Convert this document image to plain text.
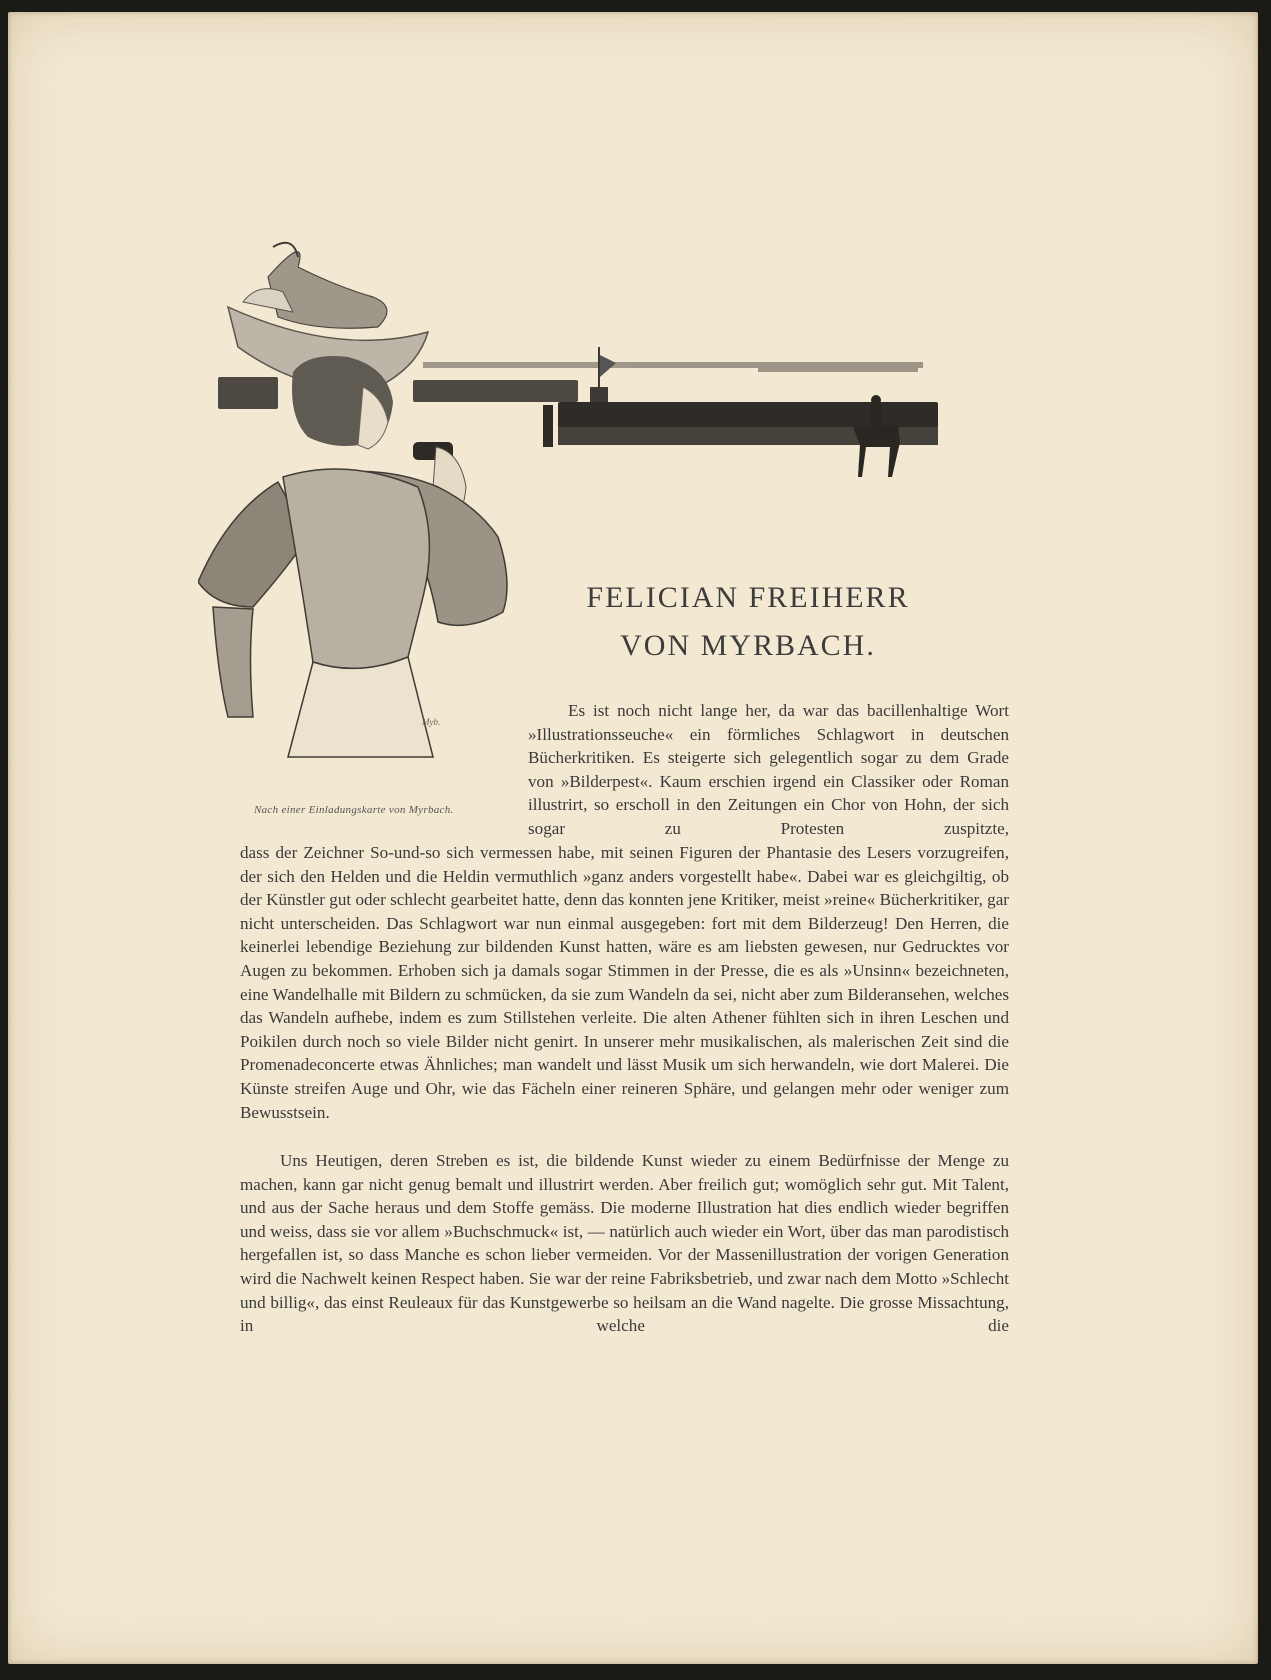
Myb.
Nach einer Einladungskarte von Myrbach.
FELICIAN FREIHERR
VON MYRBACH.

Es ist noch nicht lange her, da war das bacillenhaltige Wort »Illustrationsseuche« ein förmliches Schlagwort in deutschen Bücherkritiken. Es steigerte sich gelegentlich sogar zu dem Grade von »Bilderpest«. Kaum erschien irgend ein Classiker oder Roman illustrirt, so erscholl in den Zeitungen ein Chor von Hohn, der sich sogar zu Protesten zuspitzte,

dass der Zeichner So-und-so sich vermessen habe, mit seinen Figuren der Phantasie des Lesers vorzugreifen, der sich den Helden und die Heldin vermuthlich »ganz anders vorgestellt habe«. Dabei war es gleichgiltig, ob der Künstler gut oder schlecht gearbeitet hatte, denn das konnten jene Kritiker, meist »reine« Bücherkritiker, gar nicht unterscheiden. Das Schlagwort war nun einmal ausgegeben: fort mit dem Bilderzeug! Den Herren, die keinerlei lebendige Beziehung zur bildenden Kunst hatten, wäre es am liebsten gewesen, nur Gedrucktes vor Augen zu bekommen. Erhoben sich ja damals sogar Stimmen in der Presse, die es als »Unsinn« bezeichneten, eine Wandelhalle mit Bildern zu schmücken, da sie zum Wandeln da sei, nicht aber zum Bilderansehen, welches das Wandeln aufhebe, indem es zum Stillstehen verleite. Die alten Athener fühlten sich in ihren Leschen und Poikilen durch noch so viele Bilder nicht genirt. In unserer mehr musikalischen, als malerischen Zeit sind die Promenadeconcerte etwas Ähnliches; man wandelt und lässt Musik um sich herwandeln, wie dort Malerei. Die Künste streifen Auge und Ohr, wie das Fächeln einer reineren Sphäre, und gelangen mehr oder weniger zum Bewusstsein.

Uns Heutigen, deren Streben es ist, die bildende Kunst wieder zu einem Bedürfnisse der Menge zu machen, kann gar nicht genug bemalt und illustrirt werden. Aber freilich gut; womöglich sehr gut. Mit Talent, und aus der Sache heraus und dem Stoffe gemäss. Die moderne Illustration hat dies endlich wieder begriffen und weiss, dass sie vor allem »Buchschmuck« ist, — natürlich auch wieder ein Wort, über das man parodistisch hergefallen ist, so dass Manche es schon lieber vermeiden. Vor der Massenillustration der vorigen Generation wird die Nachwelt keinen Respect haben. Sie war der reine Fabriksbetrieb, und zwar nach dem Motto »Schlecht und billig«, das einst Reuleaux für das Kunstgewerbe so heilsam an die Wand nagelte. Die grosse Missachtung, in welche die
